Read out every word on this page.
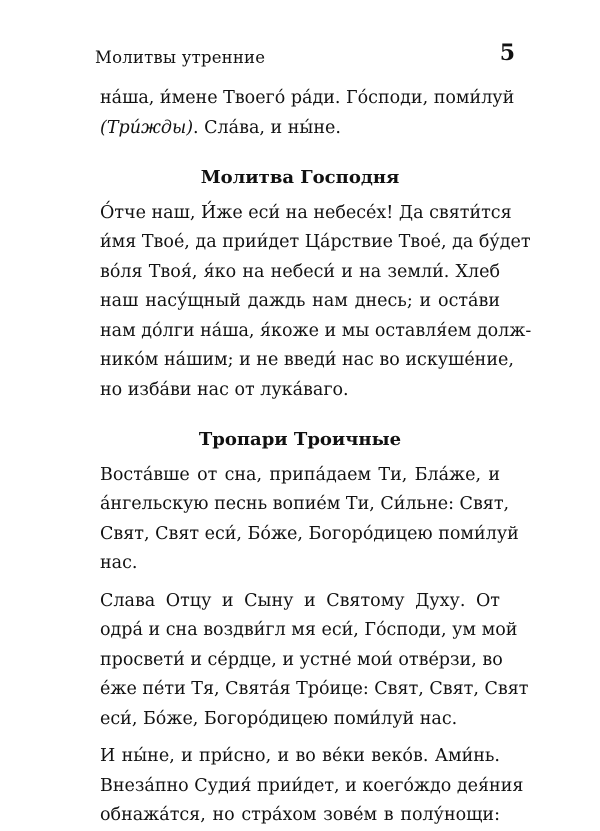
Молитвы утренние	5
на́ша, и́мене Твоего́ ра́ди. Го́споди, поми́луй
(Три́жды). Сла́ва, и ны́не.
Молитва Господня
О́тче наш, И́же еси́ на небесе́х! Да святи́тся
и́мя Твое́, да прии́дет Ца́рствие Твое́, да бу́дет
во́ля Твоя́, я́ко на небеси́ и на земли́. Хлеб
наш насу́щный даждь нам днесь; и оста́ви
нам до́лги на́ша, я́коже и мы оставля́ем долж-
нико́м на́шим; и не введи́ нас во искуше́ние,
но изба́ви нас от лука́ваго.
Тропари Троичные
Воста́вше от сна, припа́даем Ти, Бла́же, и
а́нгельскую песнь вопие́м Ти, Си́льне: Свят,
Свят, Свят еси́, Бо́же, Богоро́дицею поми́луй
нас.
Слава Отцу и Сыну и Святому Духу. От
одра́ и сна воздви́гл мя еси́, Го́споди, ум мой
просвети́ и се́рдце, и устне́ мои́ отве́рзи, во
е́же пе́ти Тя, Свята́я Тро́ице: Свят, Свят, Свят
еси́, Бо́же, Богоро́дицею поми́луй нас.
И ны́не, и при́сно, и во ве́ки веко́в. Ами́нь.
Внеза́пно Судия́ прии́дет, и коего́ждо дея́ния
обнажа́тся, но стра́хом зове́м в полу́нощи:
